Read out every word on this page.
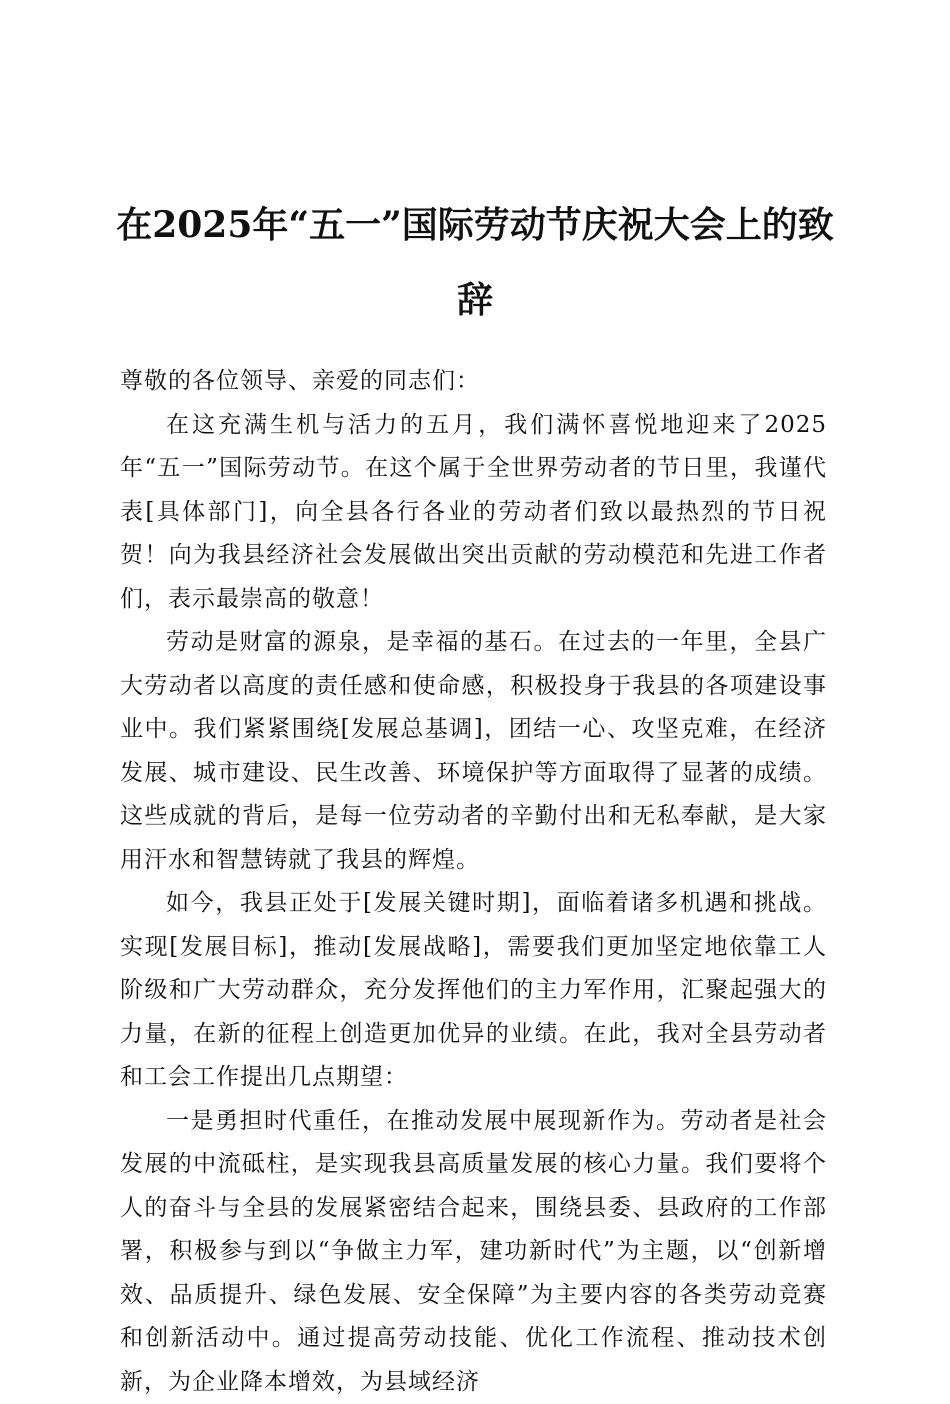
在2025年“五一”国际劳动节庆祝大会上的致辞

尊敬的各位领导、亲爱的同志们：

在这充满生机与活力的五月，我们满怀喜悦地迎来了2025年“五一”国际劳动节。在这个属于全世界劳动者的节日里，我谨代表[具体部门]，向全县各行各业的劳动者们致以最热烈的节日祝贺！向为我县经济社会发展做出突出贡献的劳动模范和先进工作者们，表示最崇高的敬意！

劳动是财富的源泉，是幸福的基石。在过去的一年里，全县广大劳动者以高度的责任感和使命感，积极投身于我县的各项建设事业中。我们紧紧围绕[发展总基调]，团结一心、攻坚克难，在经济发展、城市建设、民生改善、环境保护等方面取得了显著的成绩。这些成就的背后，是每一位劳动者的辛勤付出和无私奉献，是大家用汗水和智慧铸就了我县的辉煌。

如今，我县正处于[发展关键时期]，面临着诸多机遇和挑战。实现[发展目标]，推动[发展战略]，需要我们更加坚定地依靠工人阶级和广大劳动群众，充分发挥他们的主力军作用，汇聚起强大的力量，在新的征程上创造更加优异的业绩。在此，我对全县劳动者和工会工作提出几点期望：

一是勇担时代重任，在推动发展中展现新作为。劳动者是社会发展的中流砥柱，是实现我县高质量发展的核心力量。我们要将个人的奋斗与全县的发展紧密结合起来，围绕县委、县政府的工作部署，积极参与到以“争做主力军，建功新时代”为主题，以“创新增效、品质提升、绿色发展、安全保障”为主要内容的各类劳动竞赛和创新活动中。通过提高劳动技能、优化工作流程、推动技术创新，为企业降本增效，为县域经济
